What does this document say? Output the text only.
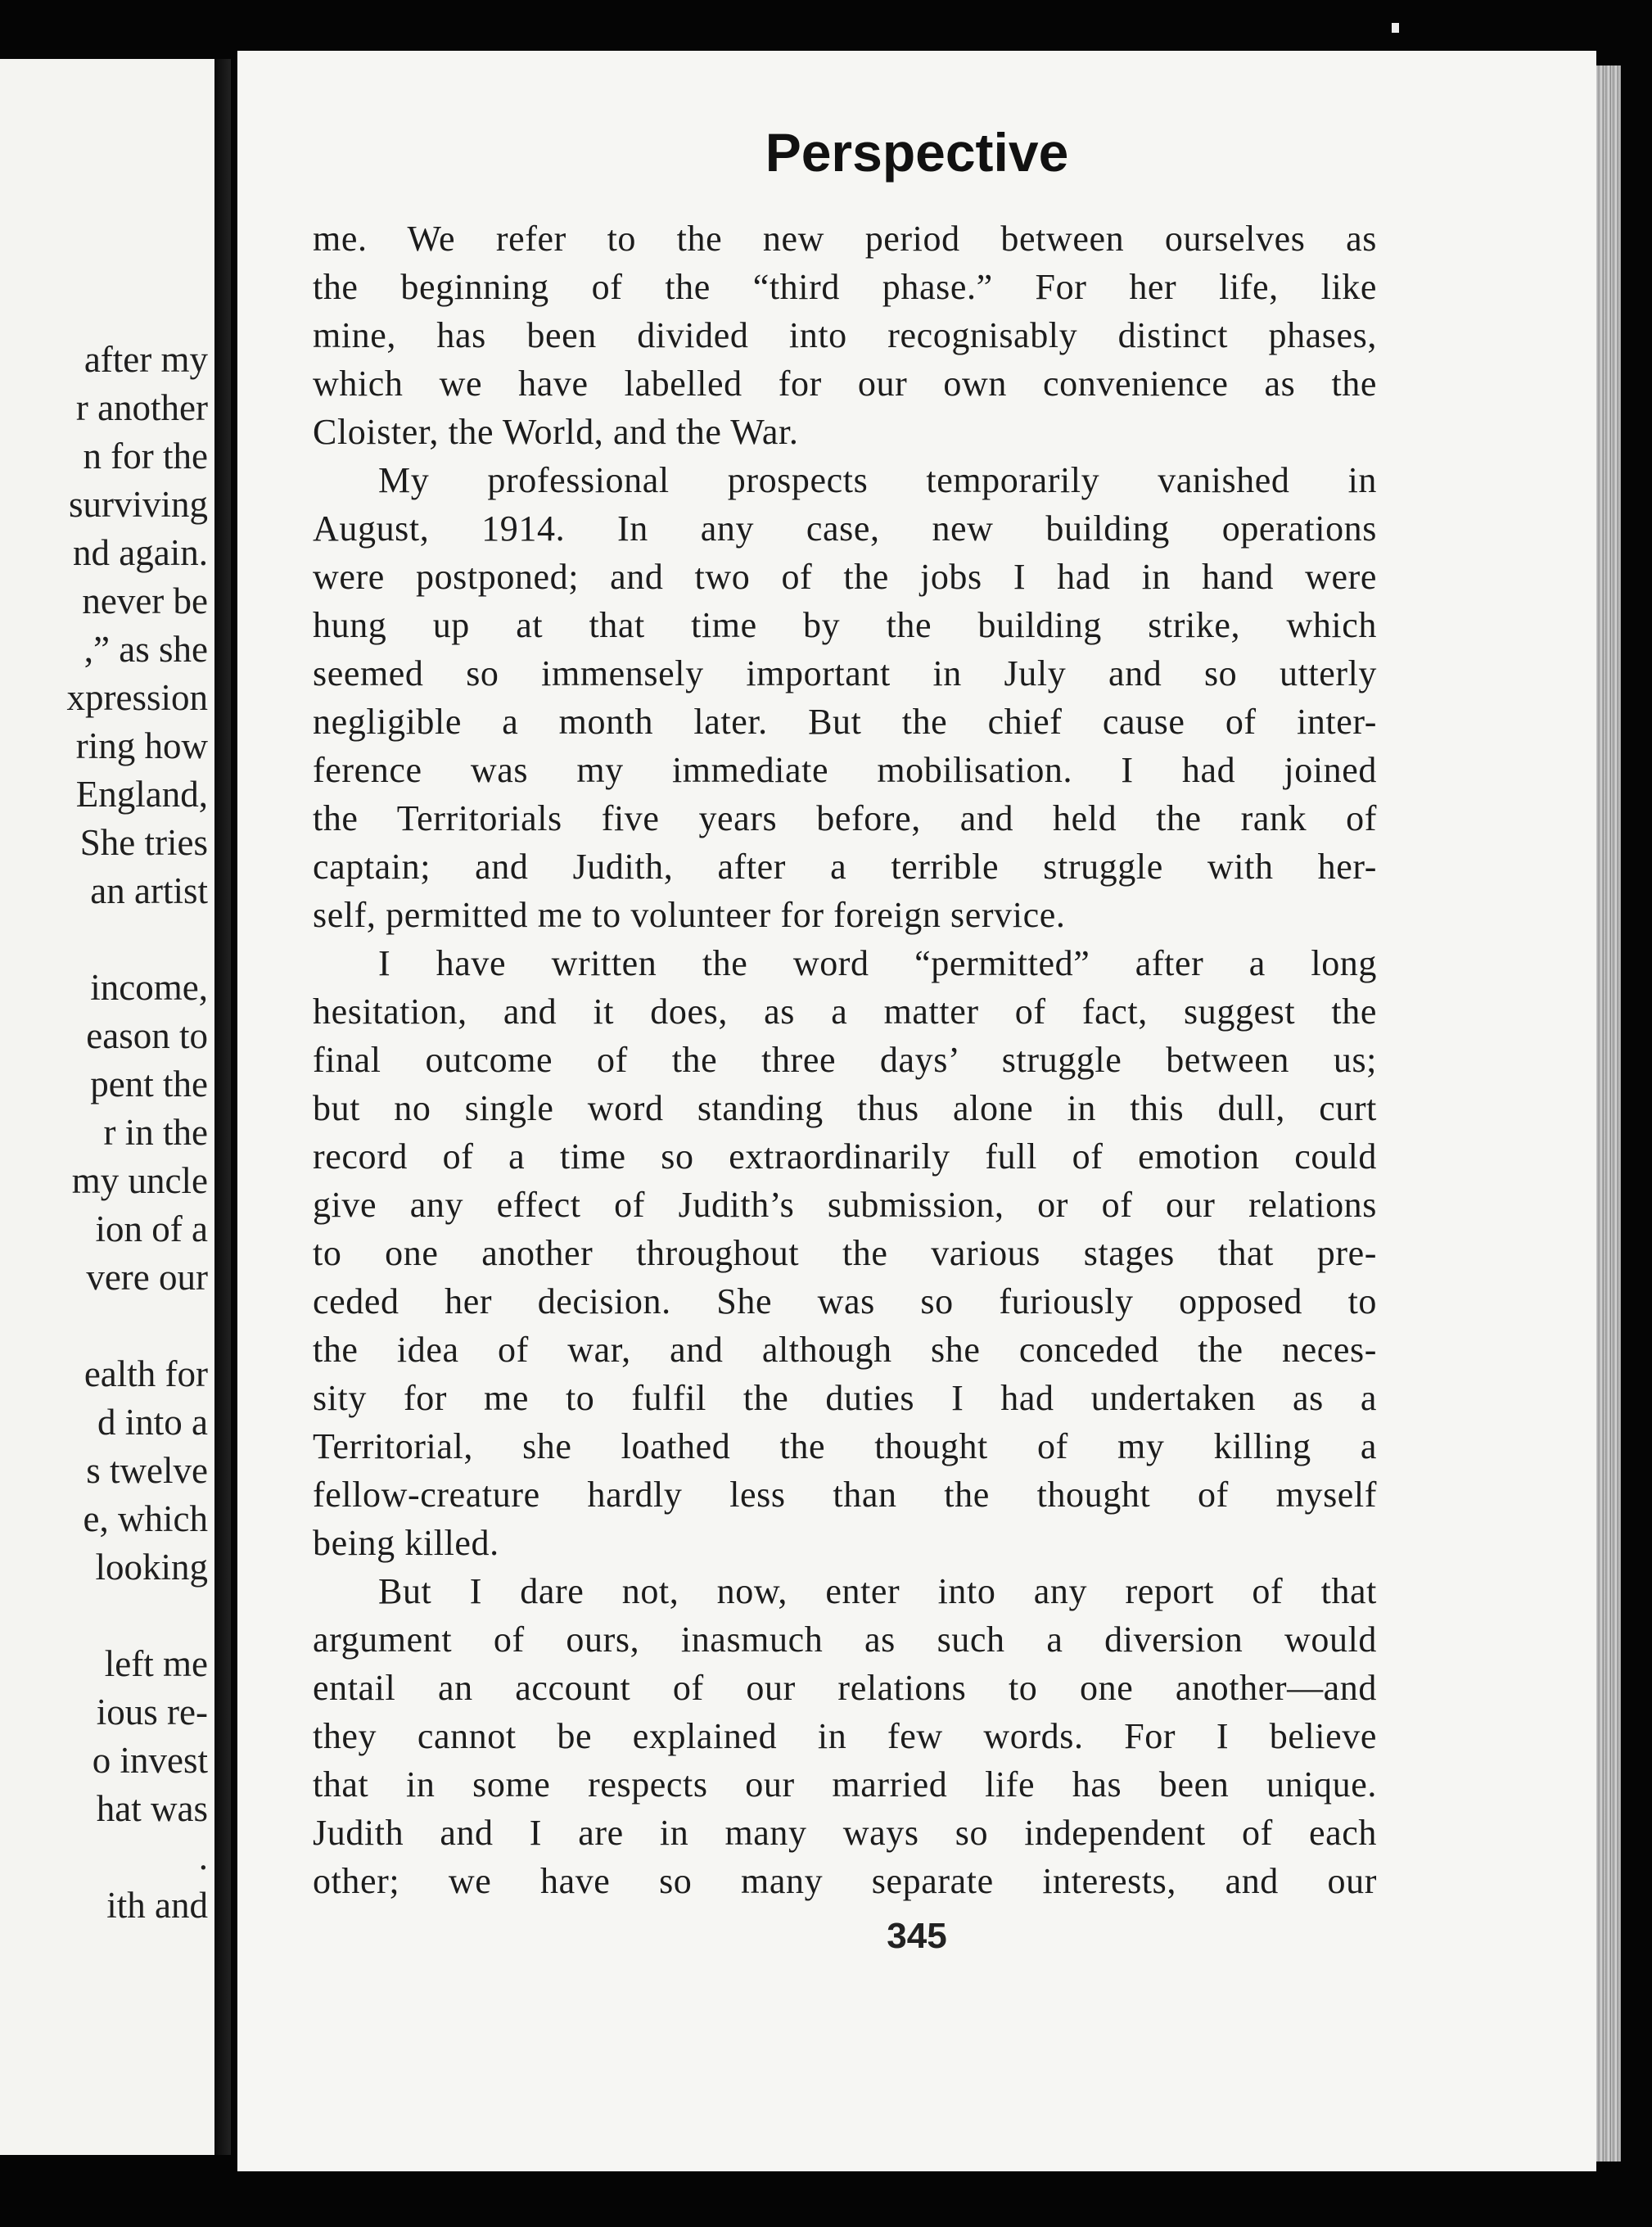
after my
r another
n for the
surviving
nd again.
never be
,” as she
xpression
ring how
England,
She tries
an artist
income,
eason to
pent the
r in the
my uncle
ion of a
vere our
ealth for
d into a
s twelve
e, which
looking
left me
ious re-
o invest
hat was
.
ith and
Perspective
me. We refer to the new period between ourselves as
the beginning of the “third phase.” For her life, like
mine, has been divided into recognisably distinct phases,
which we have labelled for our own convenience as the
Cloister, the World, and the War.
My professional prospects temporarily vanished in
August, 1914. In any case, new building operations
were postponed; and two of the jobs I had in hand were
hung up at that time by the building strike, which
seemed so immensely important in July and so utterly
negligible a month later. But the chief cause of inter-
ference was my immediate mobilisation. I had joined
the Territorials five years before, and held the rank of
captain; and Judith, after a terrible struggle with her-
self, permitted me to volunteer for foreign service.
I have written the word “permitted” after a long
hesitation, and it does, as a matter of fact, suggest the
final outcome of the three days’ struggle between us;
but no single word standing thus alone in this dull, curt
record of a time so extraordinarily full of emotion could
give any effect of Judith’s submission, or of our relations
to one another throughout the various stages that pre-
ceded her decision. She was so furiously opposed to
the idea of war, and although she conceded the neces-
sity for me to fulfil the duties I had undertaken as a
Territorial, she loathed the thought of my killing a
fellow-creature hardly less than the thought of myself
being killed.
But I dare not, now, enter into any report of that
argument of ours, inasmuch as such a diversion would
entail an account of our relations to one another—and
they cannot be explained in few words. For I believe
that in some respects our married life has been unique.
Judith and I are in many ways so independent of each
other; we have so many separate interests, and our
345
